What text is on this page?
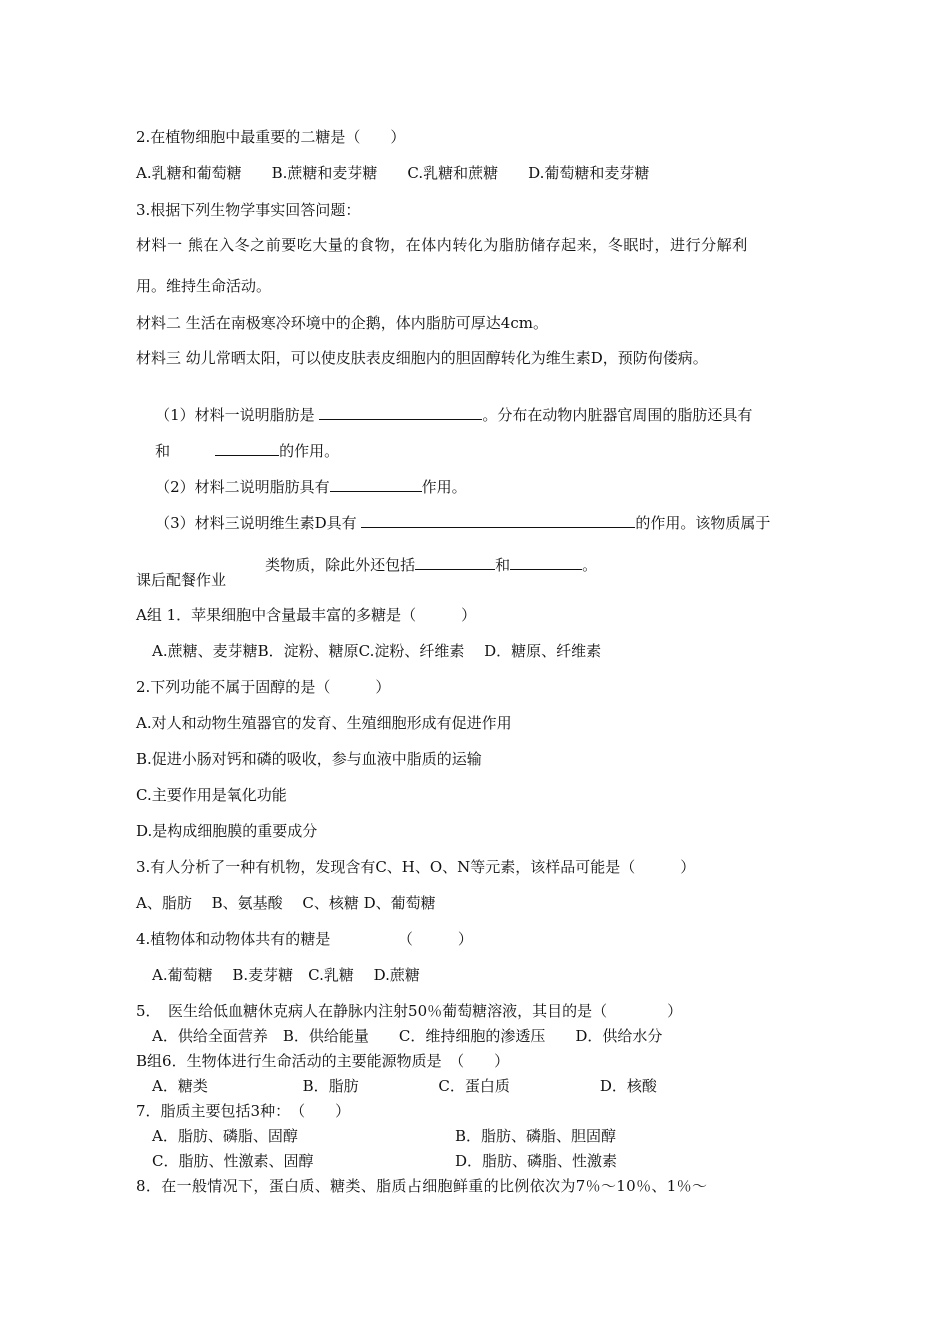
2.在植物细胞中最重要的二糖是（　　）
A.乳糖和葡萄糖　　B.蔗糖和麦芽糖　　C.乳糖和蔗糖　　D.葡萄糖和麦芽糖
3.根据下列生物学事实回答问题：
材料一 熊在入冬之前要吃大量的食物，在体内转化为脂肪储存起来，冬眠时，进行分解利
用。维持生命活动。
材料二 生活在南极寒冷环境中的企鹅，体内脂肪可厚达4cm。
材料三 幼儿常晒太阳，可以使皮肤表皮细胞内的胆固醇转化为维生素D，预防佝偻病。

（1）材料一说明脂肪是	。分布在动物内脏器官周围的脂肪还具有

和　　　	的作用。

（2）材料二说明脂肪具有	作用。

（3）材料三说明维生素D具有	的作用。该物质属于

类物质，除此外还包括	和	。

课后配餐作业
A组 1．苹果细胞中含量最丰富的多糖是（　　　）
A.蔗糖、麦芽糖B．淀粉、糖原C.淀粉、纤维素　 D．糖原、纤维素
2.下列功能不属于固醇的是（　　　）
A.对人和动物生殖器官的发育、生殖细胞形成有促进作用
B.促进小肠对钙和磷的吸收，参与血液中脂质的运输
C.主要作用是氧化功能
D.是构成细胞膜的重要成分
3.有人分析了一种有机物，发现含有C、H、O、N等元素，该样品可能是（　　　）
A、脂肪　 B、氨基酸　 C、核糖 D、葡萄糖
4.植物体和动物体共有的糖是　　　　　（　　　）
A.葡萄糖　 B.麦芽糖　C.乳糖　 D.蔗糖
5．　医生给低血糖休克病人在静脉内注射50％葡萄糖溶液，其目的是（　　　　）
A．供给全面营养　B．供给能量　　C．维持细胞的渗透压　　D．供给水分
B组6．生物体进行生命活动的主要能源物质是　（　　）
A．糖类　　　　　　 B．脂肪　　　　　 C．蛋白质　　　　　　D．核酸
7．脂质主要包括3种：　（　　）
A．脂肪、磷脂、固醇	B．脂肪、磷脂、胆固醇
C．脂肪、性激素、固醇	D．脂肪、磷脂、性激素
8．在一般情况下，蛋白质、糖类、脂质占细胞鲜重的比例依次为7％～10％、1％～
